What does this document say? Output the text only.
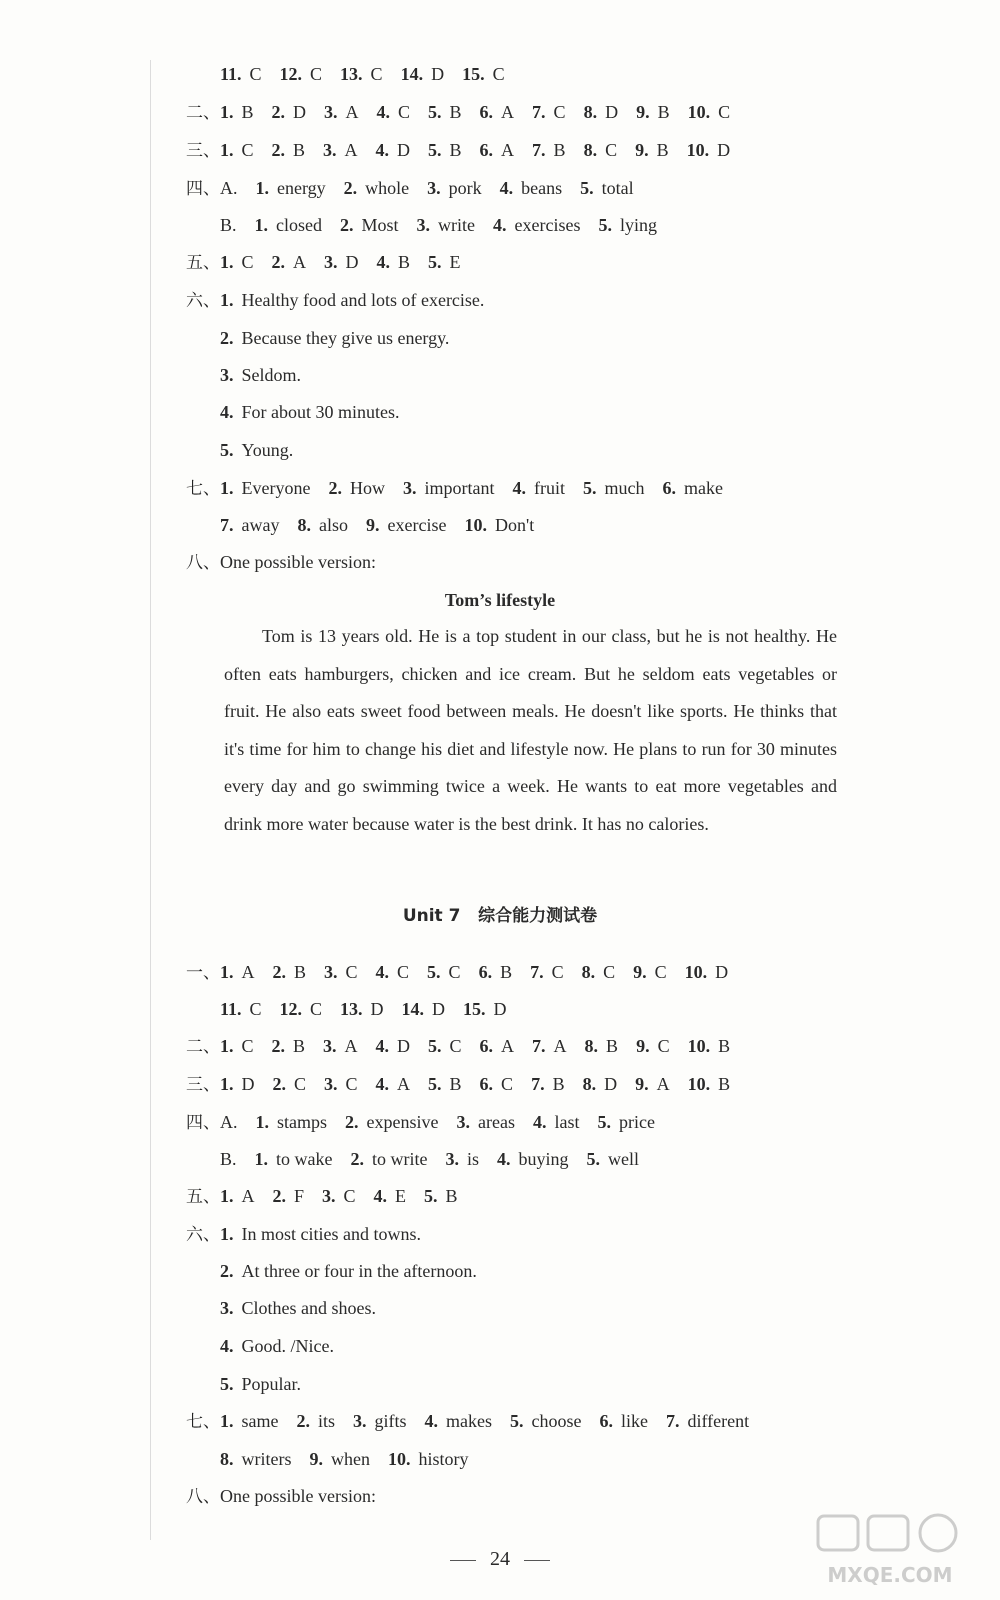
11. C 12. C 13. C 14. D 15. C
二、1. B 2. D 3. A 4. C 5. B 6. A 7. C 8. D 9. B 10. C
三、1. C 2. B 3. A 4. D 5. B 6. A 7. B 8. C 9. B 10. D
四、A. 1. energy 2. whole 3. pork 4. beans 5. total
B. 1. closed 2. Most 3. write 4. exercises 5. lying
五、1. C 2. A 3. D 4. B 5. E
六、1. Healthy food and lots of exercise.
2. Because they give us energy.
3. Seldom.
4. For about 30 minutes.
5. Young.
七、1. Everyone 2. How 3. important 4. fruit 5. much 6. make
7. away 8. also 9. exercise 10. Don't
八、One possible version:
Tom’s lifestyle
Tom is 13 years old. He is a top student in our class, but he is not healthy. He often eats hamburgers, chicken and ice cream. But he seldom eats vegetables or fruit. He also eats sweet food between meals. He doesn't like sports. He thinks that it's time for him to change his diet and lifestyle now. He plans to run for 30 minutes every day and go swimming twice a week. He wants to eat more vegetables and drink more water because water is the best drink. It has no calories.
Unit 7   综合能力测试卷
一、1. A 2. B 3. C 4. C 5. C 6. B 7. C 8. C 9. C 10. D
11. C 12. C 13. D 14. D 15. D
二、1. C 2. B 3. A 4. D 5. C 6. A 7. A 8. B 9. C 10. B
三、1. D 2. C 3. C 4. A 5. B 6. C 7. B 8. D 9. A 10. B
四、A. 1. stamps 2. expensive 3. areas 4. last 5. price
B. 1. to wake 2. to write 3. is 4. buying 5. well
五、1. A 2. F 3. C 4. E 5. B
六、1. In most cities and towns.
2. At three or four in the afternoon.
3. Clothes and shoes.
4. Good. /Nice.
5. Popular.
七、1. same 2. its 3. gifts 4. makes 5. choose 6. like 7. different
8. writers 9. when 10. history
八、One possible version:
24
MXQE.COM
